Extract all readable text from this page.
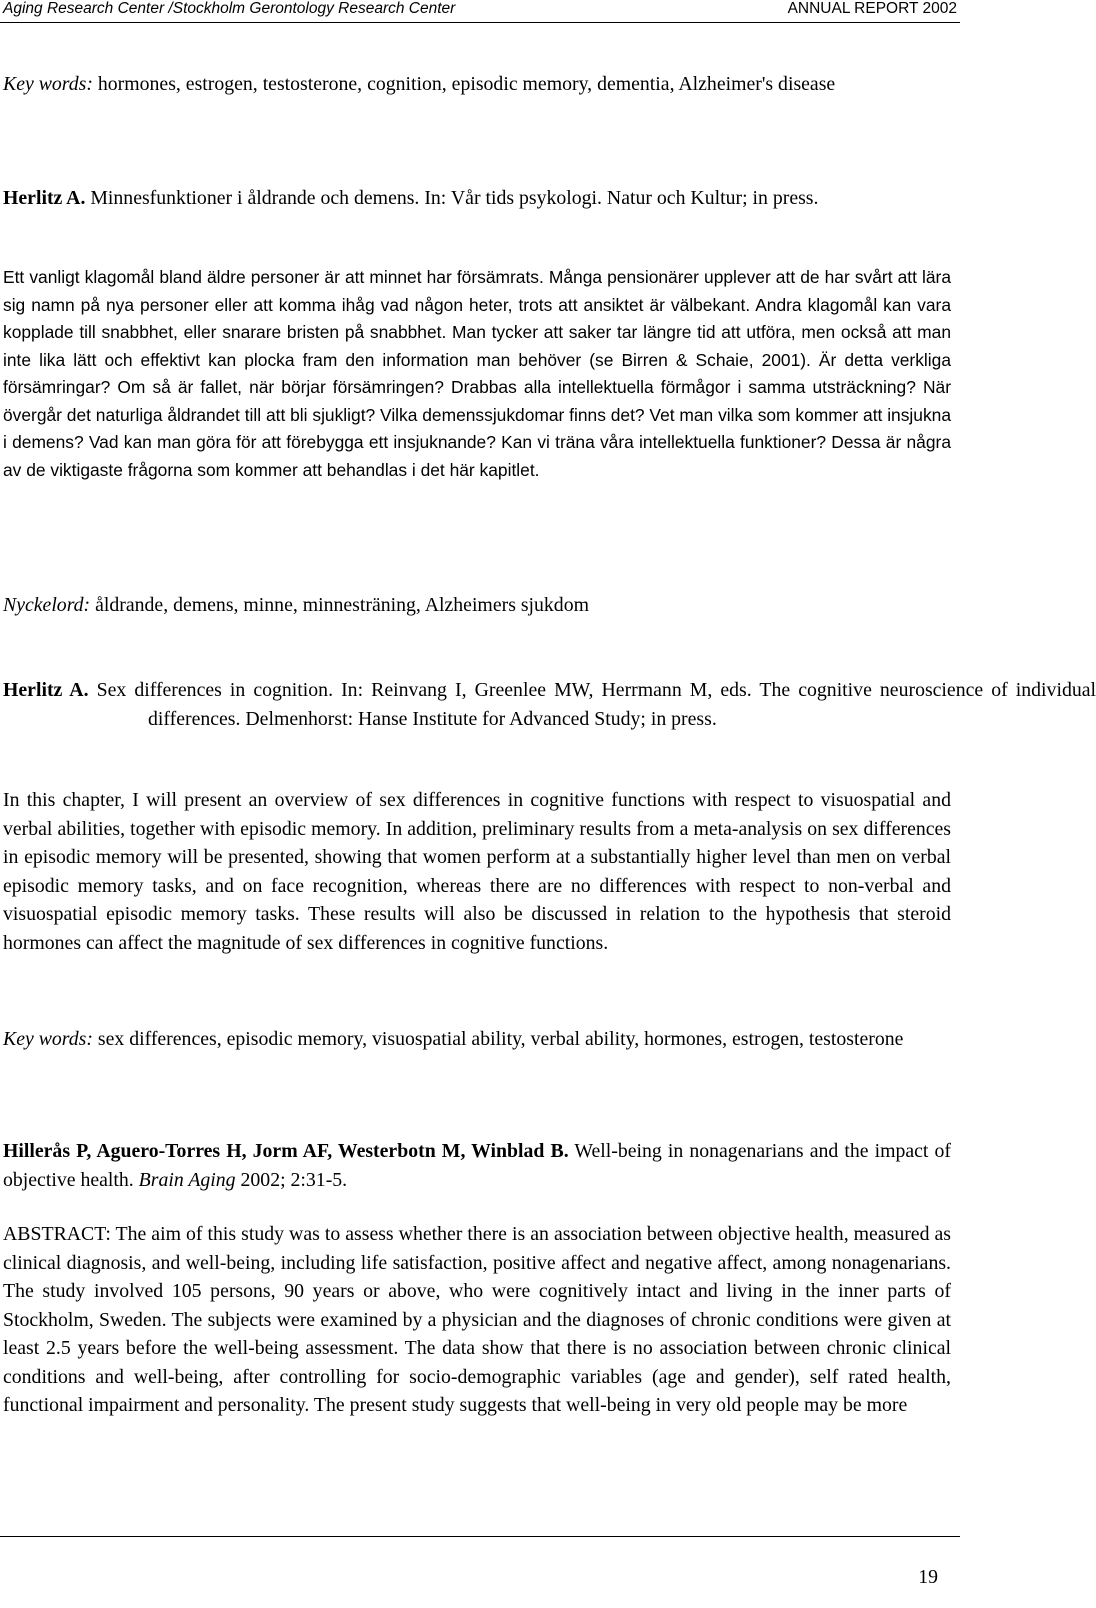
Aging Research Center /Stockholm Gerontology Research Center	ANNUAL REPORT 2002

Key words: hormones, estrogen, testosterone, cognition, episodic memory, dementia, Alzheimer's disease

Herlitz A. Minnesfunktioner i åldrande och demens. In: Vår tids psykologi. Natur och Kultur; in press.

Ett vanligt klagomål bland äldre personer är att minnet har försämrats. Många pensionärer upplever att de har svårt att lära sig namn på nya personer eller att komma ihåg vad någon heter, trots att ansiktet är välbekant. Andra klagomål kan vara kopplade till snabbhet, eller snarare bristen på snabbhet. Man tycker att saker tar längre tid att utföra, men också att man inte lika lätt och effektivt kan plocka fram den information man behöver (se Birren & Schaie, 2001). Är detta verkliga försämringar? Om så är fallet, när börjar försämringen? Drabbas alla intellektuella förmågor i samma utsträckning? När övergår det naturliga åldrandet till att bli sjukligt? Vilka demenssjukdomar finns det? Vet man vilka som kommer att insjukna i demens? Vad kan man göra för att förebygga ett insjuknande? Kan vi träna våra intellektuella funktioner? Dessa är några av de viktigaste frågorna som kommer att behandlas i det här kapitlet.

Nyckelord: åldrande, demens, minne, minnesträning, Alzheimers sjukdom

Herlitz A. Sex differences in cognition. In: Reinvang I, Greenlee MW, Herrmann M, eds. The cognitive neuroscience of individual differences. Delmenhorst: Hanse Institute for Advanced Study; in press.

In this chapter, I will present an overview of sex differences in cognitive functions with respect to visuospatial and verbal abilities, together with episodic memory. In addition, preliminary results from a meta-analysis on sex differences in episodic memory will be presented, showing that women perform at a substantially higher level than men on verbal episodic memory tasks, and on face recognition, whereas there are no differences with respect to non-verbal and visuospatial episodic memory tasks. These results will also be discussed in relation to the hypothesis that steroid hormones can affect the magnitude of sex differences in cognitive functions.

Key words: sex differences, episodic memory, visuospatial ability, verbal ability, hormones, estrogen, testosterone

Hillerås P, Aguero-Torres H, Jorm AF, Westerbotn M, Winblad B. Well-being in nonagenarians and the impact of objective health. Brain Aging 2002; 2:31-5.

ABSTRACT: The aim of this study was to assess whether there is an association between objective health, measured as clinical diagnosis, and well-being, including life satisfaction, positive affect and negative affect, among nonagenarians. The study involved 105 persons, 90 years or above, who were cognitively intact and living in the inner parts of Stockholm, Sweden. The subjects were examined by a physician and the diagnoses of chronic conditions were given at least 2.5 years before the well-being assessment. The data show that there is no association between chronic clinical conditions and well-being, after controlling for socio-demographic variables (age and gender), self rated health, functional impairment and personality. The present study suggests that well-being in very old people may be more

19
